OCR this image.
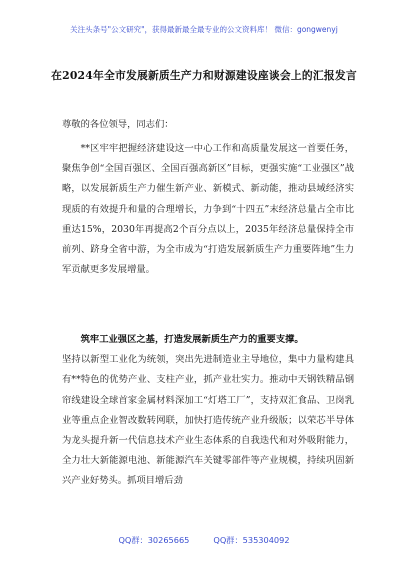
关注头条号"公文研究"，获得最新最全最专业的公文资料库！ 微信：gongwenyj
在2024年全市发展新质生产力和财源建设座谈会上的汇报发言
尊敬的各位领导，同志们：
**区牢牢把握经济建设这一中心工作和高质量发展这一首要任务，聚焦争创“全国百强区、全国百强高新区”目标，更强实施“工业强区”战略，以发展新质生产力催生新产业、新模式、新动能，推动县域经济实现质的有效提升和量的合理增长，力争到“十四五”末经济总量占全市比重达15%，2030年再提高2个百分点以上，2035年经济总量保持全市前列、跻身全省中游，为全市成为“打造发展新质生产力重要阵地”生力军贡献更多发展增量。
筑牢工业强区之基，打造发展新质生产力的重要支撑。
坚持以新型工业化为统领，突出先进制造业主导地位，集中力量构建具有**特色的优势产业、支柱产业，抓产业壮实力。推动中天钢铁精品钢帘线建设全球首家金属材料深加工“灯塔工厂”，支持双汇食品、卫岗乳业等重点企业智改数转网联，加快打造传统产业升级版；以荣芯半导体为龙头提升新一代信息技术产业生态体系的自我迭代和对外吸附能力，全力壮大新能源电池、新能源汽车关键零部件等产业规模，持续巩固新兴产业好势头。抓项目增后劲
QQ群：30265665	QQ群：535304092
